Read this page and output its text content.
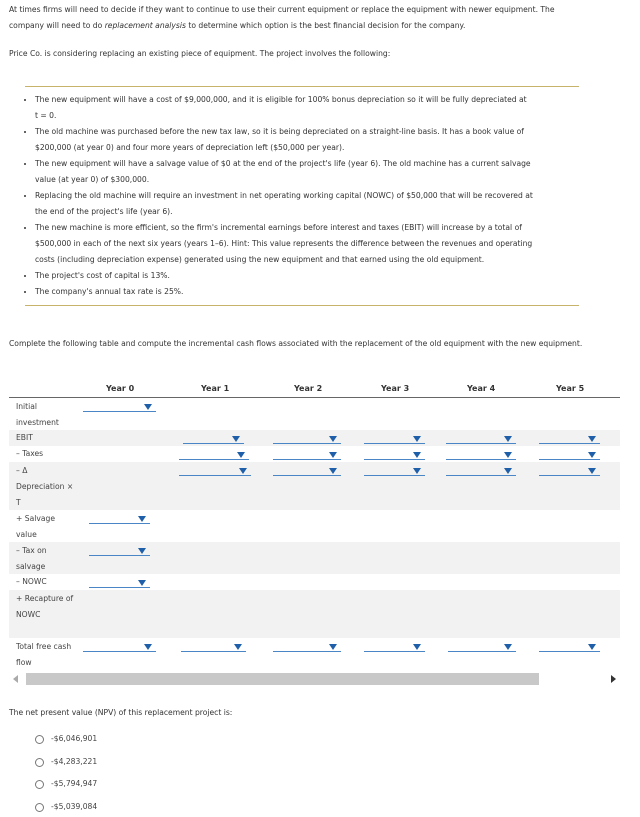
At times firms will need to decide if they want to continue to use their current equipment or replace the equipment with newer equipment. The

company will need to do replacement analysis to determine which option is the best financial decision for the company.

Price Co. is considering replacing an existing piece of equipment. The project involves the following:

• The new equipment will have a cost of $9,000,000, and it is eligible for 100% bonus depreciation so it will be fully depreciated at
t = 0.
• The old machine was purchased before the new tax law, so it is being depreciated on a straight-line basis. It has a book value of
$200,000 (at year 0) and four more years of depreciation left ($50,000 per year).
• The new equipment will have a salvage value of $0 at the end of the project's life (year 6). The old machine has a current salvage
value (at year 0) of $300,000.
• Replacing the old machine will require an investment in net operating working capital (NOWC) of $50,000 that will be recovered at
the end of the project's life (year 6).
• The new machine is more efficient, so the firm's incremental earnings before interest and taxes (EBIT) will increase by a total of
$500,000 in each of the next six years (years 1–6). Hint: This value represents the difference between the revenues and operating
costs (including depreciation expense) generated using the new equipment and that earned using the old equipment.
• The project's cost of capital is 13%.
• The company's annual tax rate is 25%.

Complete the following table and compute the incremental cash flows associated with the replacement of the old equipment with the new equipment.

Year 0	Year 1	Year 2	Year 3	Year 4	Year 5
Initial investment
EBIT
– Taxes
– Δ Depreciation × T
+ Salvage value
– Tax on salvage
– NOWC
+ Recapture of NOWC
Total free cash flow

The net present value (NPV) of this replacement project is:

-$6,046,901
-$4,283,221
-$5,794,947
-$5,039,084
